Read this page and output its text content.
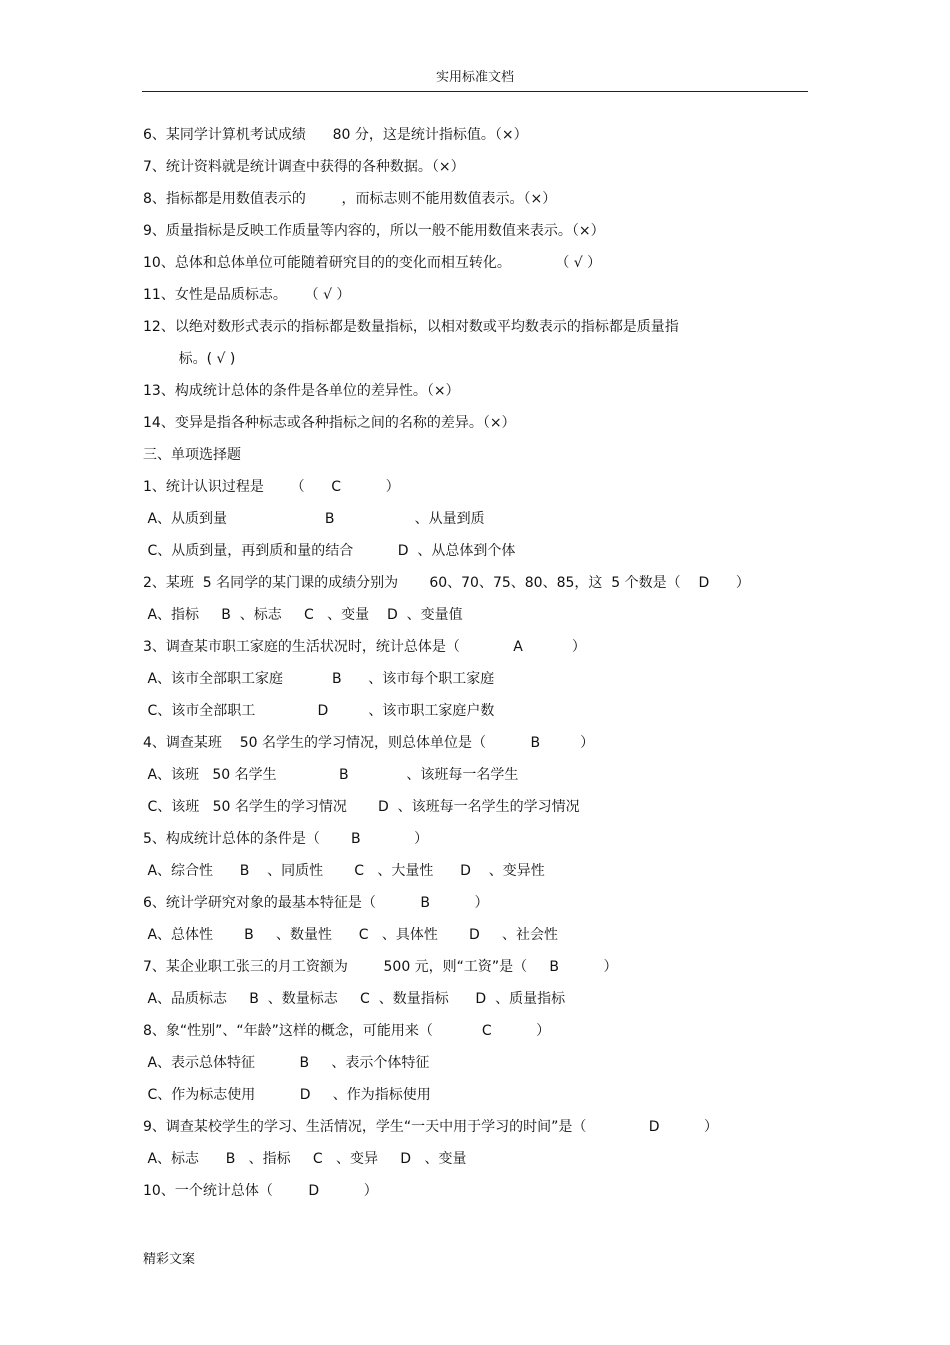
实用标准文档
6、某同学计算机考试成绩      80 分，这是统计指标值。（×）
7、统计资料就是统计调查中获得的各种数据。（×）
8、指标都是用数值表示的        ，而标志则不能用数值表示。（×）
9、质量指标是反映工作质量等内容的，所以一般不能用数值来表示。（×）
10、总体和总体单位可能随着研究目的的变化而相互转化。          （ √ ）
11、女性是品质标志。    （ √ ）
12、以绝对数形式表示的指标都是数量指标，以相对数或平均数表示的指标都是质量指
标。( √ )
13、构成统计总体的条件是各单位的差异性。（×）
14、变异是指各种标志或各种指标之间的名称的差异。（×）
三、单项选择题
1、统计认识过程是      （      C          ）
A、从质到量                      B                  、从量到质
C、从质到量，再到质和量的结合          D  、从总体到个体
2、某班  5 名同学的某门课的成绩分别为       60、70、75、80、85，这  5 个数是（    D      ）
A、指标     B  、标志     C   、变量    D  、变量值
3、调查某市职工家庭的生活状况时，统计总体是（            A           ）
A、该市全部职工家庭           B      、该市每个职工家庭
C、该市全部职工              D         、该市职工家庭户数
4、调查某班    50 名学生的学习情况，则总体单位是（          B         ）
A、该班   50 名学生              B             、该班每一名学生
C、该班   50 名学生的学习情况       D  、该班每一名学生的学习情况
5、构成统计总体的条件是（       B            ）
A、综合性      B    、同质性       C   、大量性      D    、变异性
6、统计学研究对象的最基本特征是（          B          ）
A、总体性       B     、数量性      C   、具体性       D     、社会性
7、某企业职工张三的月工资额为        500 元，则“工资”是（     B          ）
A、品质标志     B  、数量标志     C  、数量指标      D  、质量指标
8、象“性别”、“年龄”这样的概念，可能用来（           C          ）
A、表示总体特征          B     、表示个体特征
C、作为标志使用          D     、作为指标使用
9、调查某校学生的学习、生活情况，学生“一天中用于学习的时间”是（              D          ）
A、标志      B   、指标     C   、变异     D   、变量
10、一个统计总体（        D          ）
精彩文案
